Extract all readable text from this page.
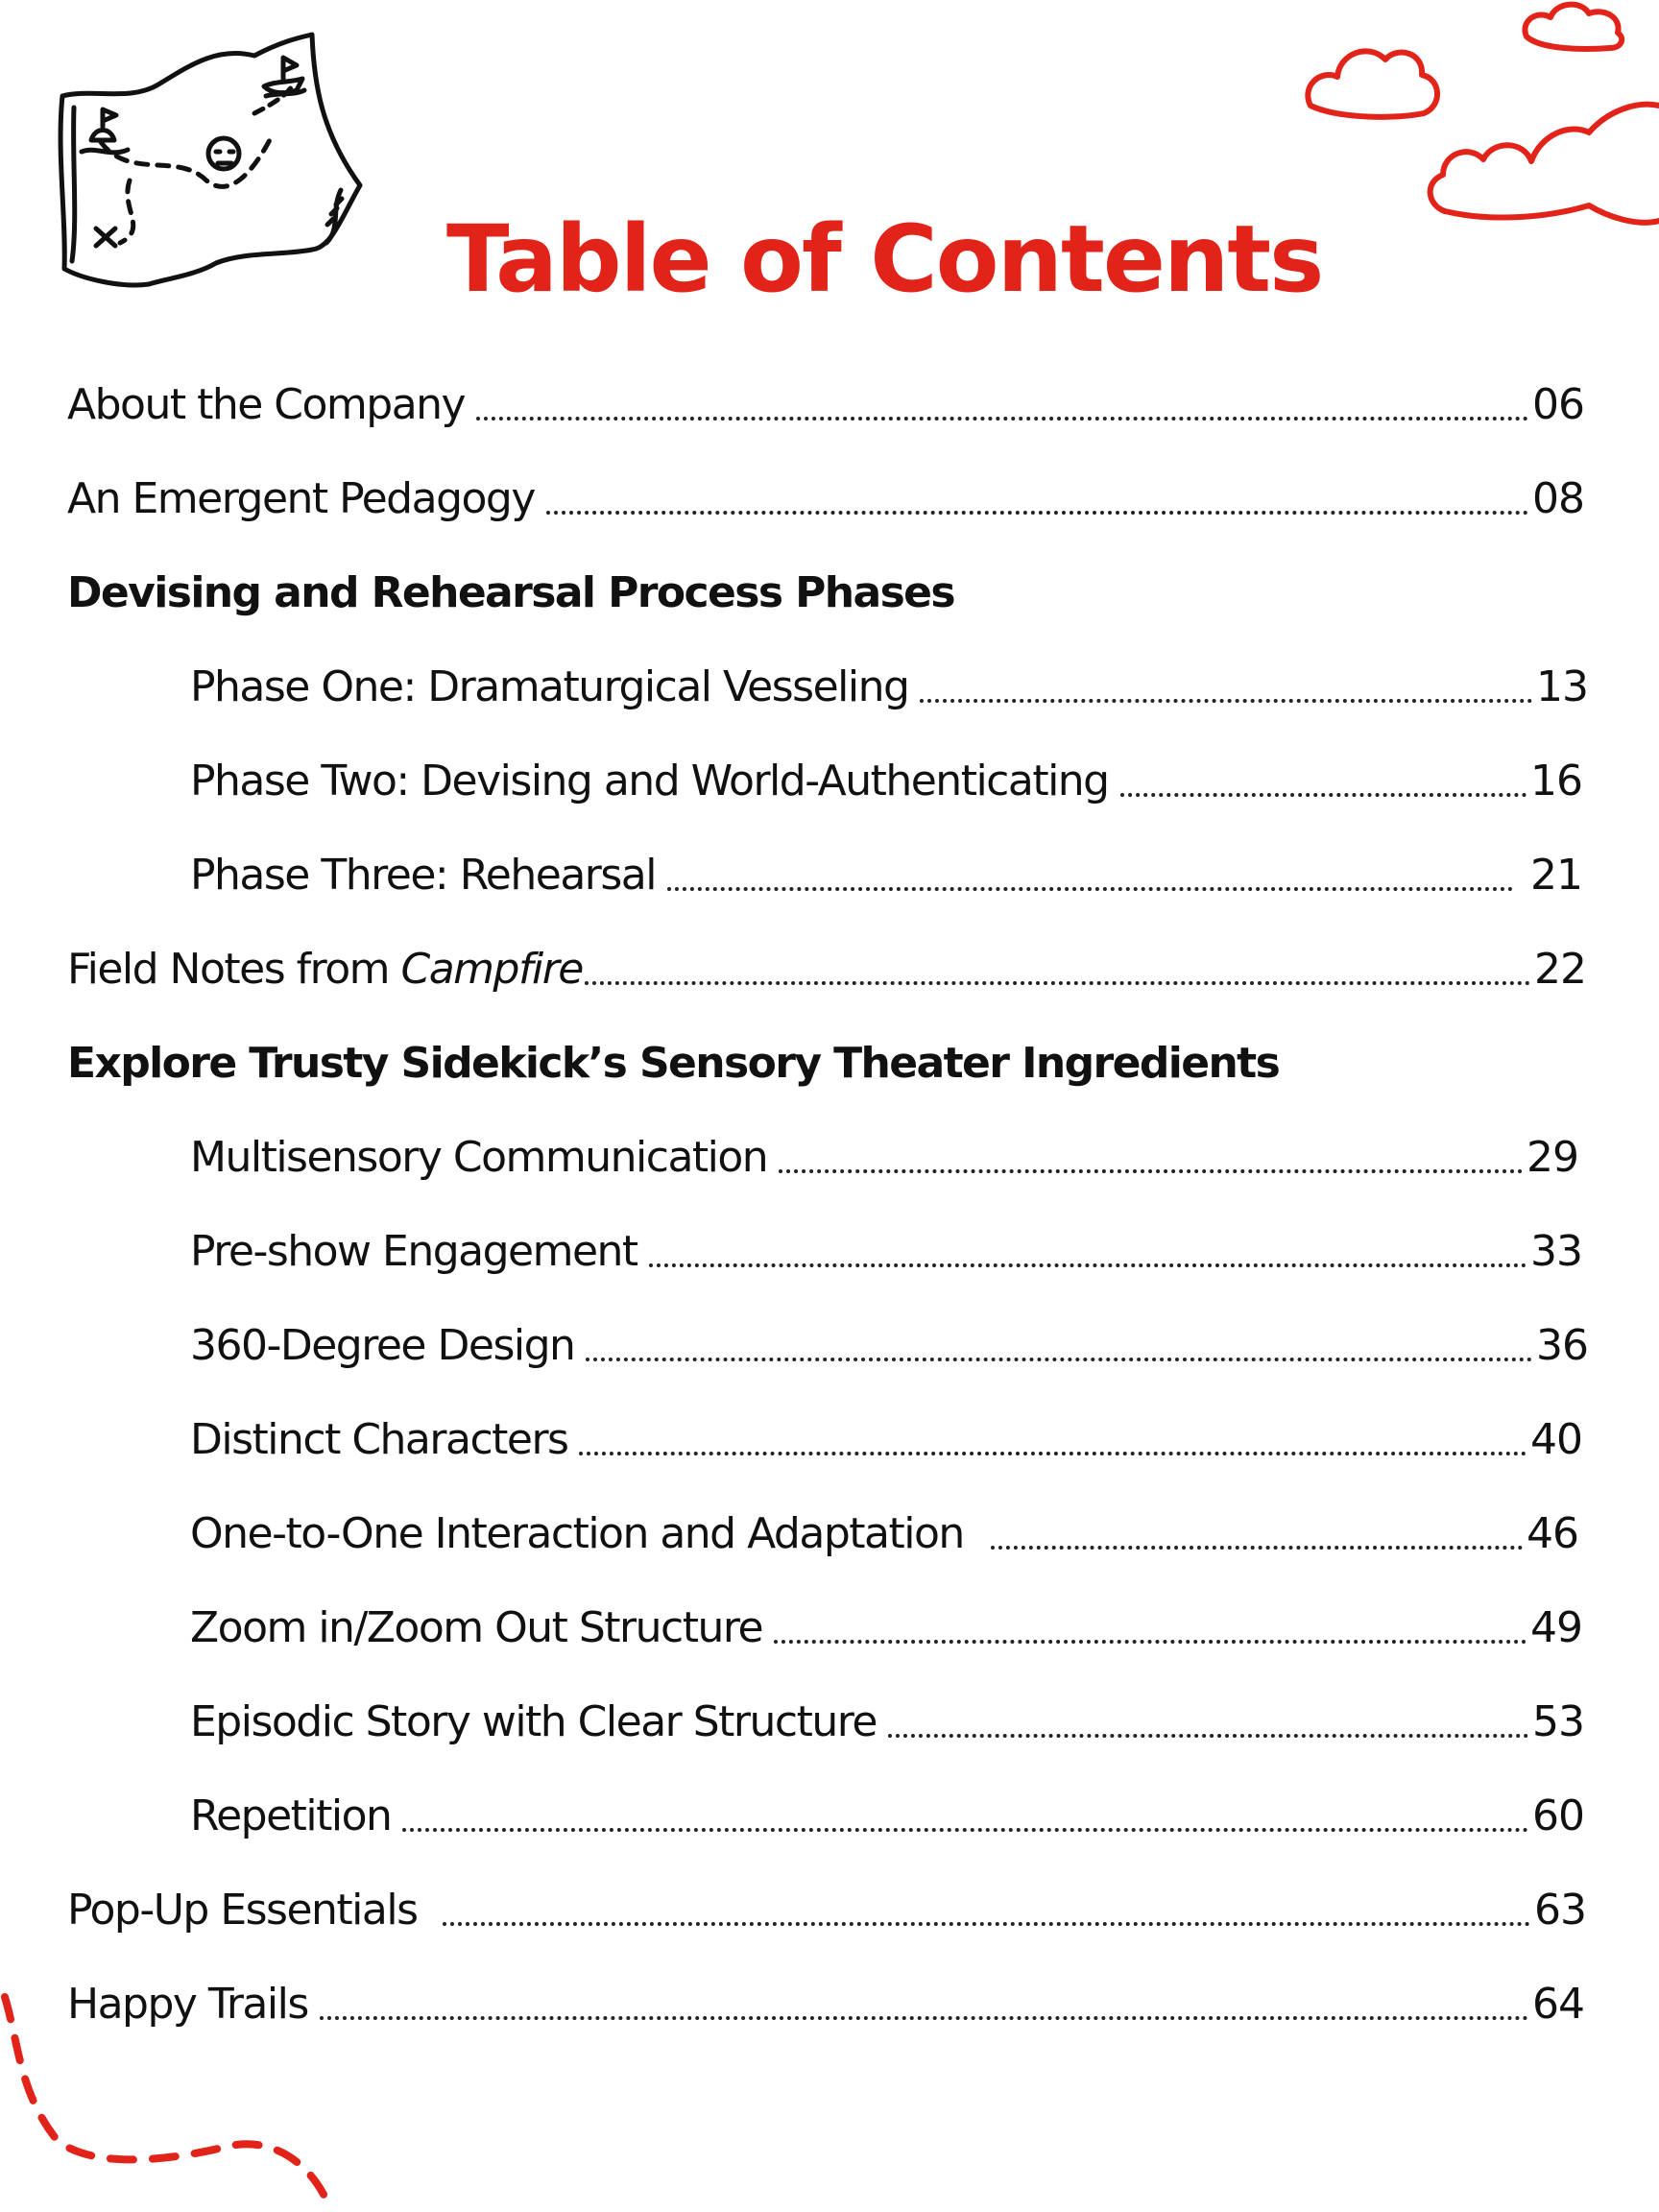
Table of Contents
About the Company	06
An Emergent Pedagogy	08
Devising and Rehearsal Process Phases
Phase One: Dramaturgical Vesseling	13
Phase Two: Devising and World-Authenticating	16
Phase Three: Rehearsal	21
Field Notes from Campfire	22
Explore Trusty Sidekick’s Sensory Theater Ingredients
Multisensory Communication	29
Pre-show Engagement	33
360-Degree Design	36
Distinct Characters	40
One-to-One Interaction and Adaptation	46
Zoom in/Zoom Out Structure	49
Episodic Story with Clear Structure	53
Repetition	60
Pop-Up Essentials	63
Happy Trails	64
